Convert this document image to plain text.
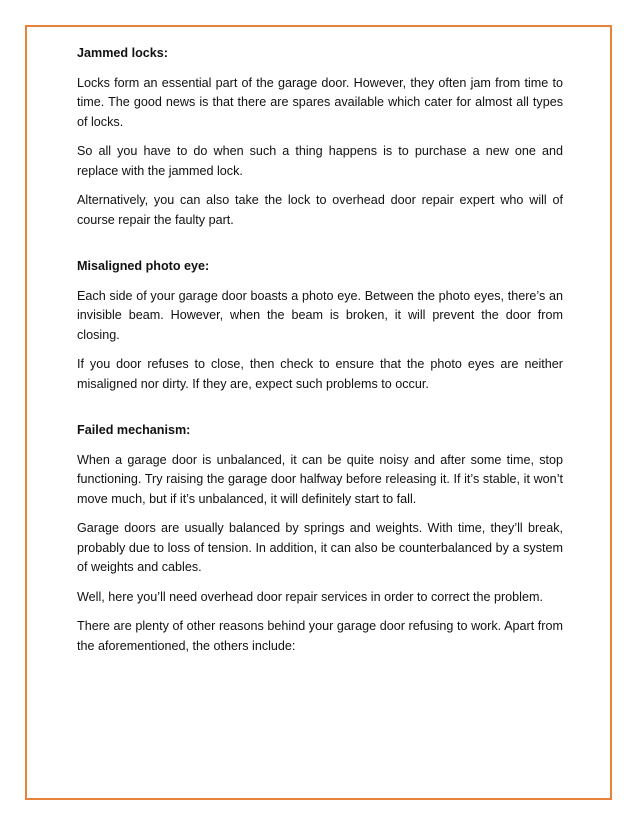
Jammed locks:

Locks form an essential part of the garage door. However, they often jam from time to time. The good news is that there are spares available which cater for almost all types of locks.

So all you have to do when such a thing happens is to purchase a new one and replace with the jammed lock.

Alternatively, you can also take the lock to overhead door repair expert who will of course repair the faulty part.

Misaligned photo eye:

Each side of your garage door boasts a photo eye. Between the photo eyes, there’s an invisible beam. However, when the beam is broken, it will prevent the door from closing.

If you door refuses to close, then check to ensure that the photo eyes are neither misaligned nor dirty. If they are, expect such problems to occur.

Failed mechanism:

When a garage door is unbalanced, it can be quite noisy and after some time, stop functioning. Try raising the garage door halfway before releasing it. If it’s stable, it won’t move much, but if it’s unbalanced, it will definitely start to fall.

Garage doors are usually balanced by springs and weights. With time, they’ll break, probably due to loss of tension. In addition, it can also be counterbalanced by a system of weights and cables.

Well, here you’ll need overhead door repair services in order to correct the problem.

There are plenty of other reasons behind your garage door refusing to work. Apart from the aforementioned, the others include:
